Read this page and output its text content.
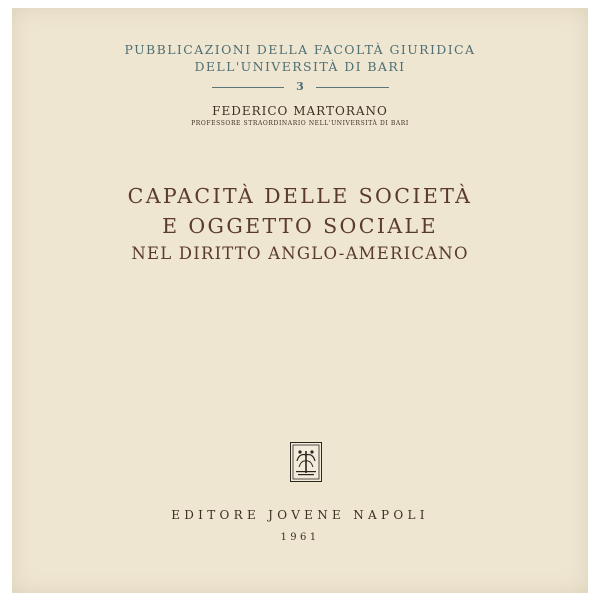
PUBBLICAZIONI DELLA FACOLTÀ GIURIDICA
DELL'UNIVERSITÀ DI BARI
3
FEDERICO MARTORANO
PROFESSORE STRAORDINARIO NELL'UNIVERSITÀ DI BARI
CAPACITÀ DELLE SOCIETÀ
E OGGETTO SOCIALE
NEL DIRITTO ANGLO-AMERICANO
EDITORE JOVENE NAPOLI
1961
